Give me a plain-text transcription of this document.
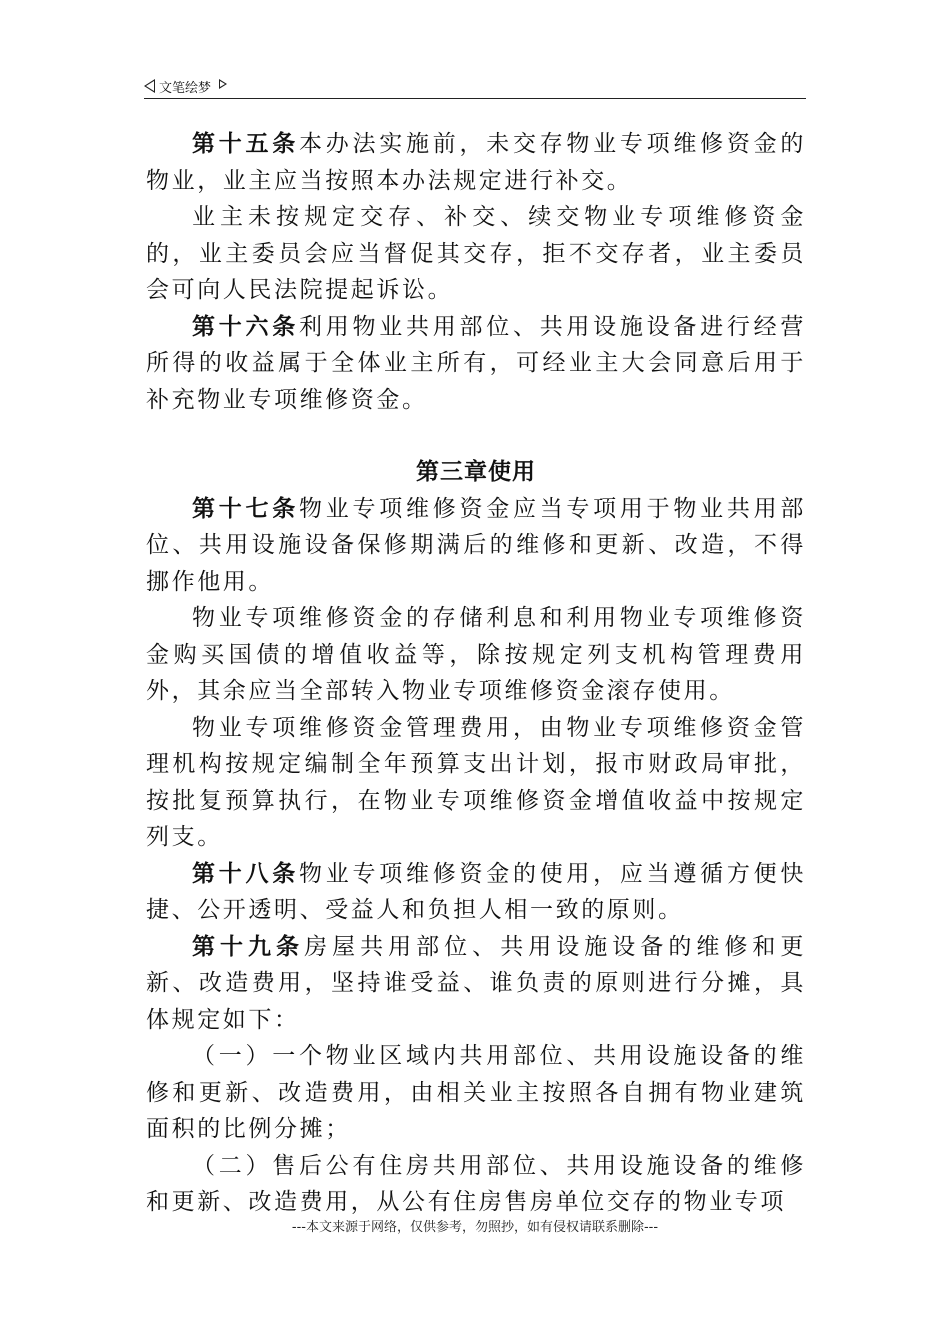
文笔绘梦

第十五条本办法实施前，未交存物业专项维修资金的物业，业主应当按照本办法规定进行补交。

业主未按规定交存、补交、续交物业专项维修资金的，业主委员会应当督促其交存，拒不交存者，业主委员会可向人民法院提起诉讼。

第十六条利用物业共用部位、共用设施设备进行经营所得的收益属于全体业主所有，可经业主大会同意后用于补充物业专项维修资金。

第三章使用

第十七条物业专项维修资金应当专项用于物业共用部位、共用设施设备保修期满后的维修和更新、改造，不得挪作他用。

物业专项维修资金的存储利息和利用物业专项维修资金购买国债的增值收益等，除按规定列支机构管理费用外，其余应当全部转入物业专项维修资金滚存使用。

物业专项维修资金管理费用，由物业专项维修资金管理机构按规定编制全年预算支出计划，报市财政局审批，按批复预算执行，在物业专项维修资金增值收益中按规定列支。

第十八条物业专项维修资金的使用，应当遵循方便快捷、公开透明、受益人和负担人相一致的原则。

第十九条房屋共用部位、共用设施设备的维修和更新、改造费用，坚持谁受益、谁负责的原则进行分摊，具体规定如下：

（一）一个物业区域内共用部位、共用设施设备的维修和更新、改造费用，由相关业主按照各自拥有物业建筑面积的比例分摊；

（二）售后公有住房共用部位、共用设施设备的维修和更新、改造费用，从公有住房售房单位交存的物业专项

---本文来源于网络，仅供参考，勿照抄，如有侵权请联系删除---
